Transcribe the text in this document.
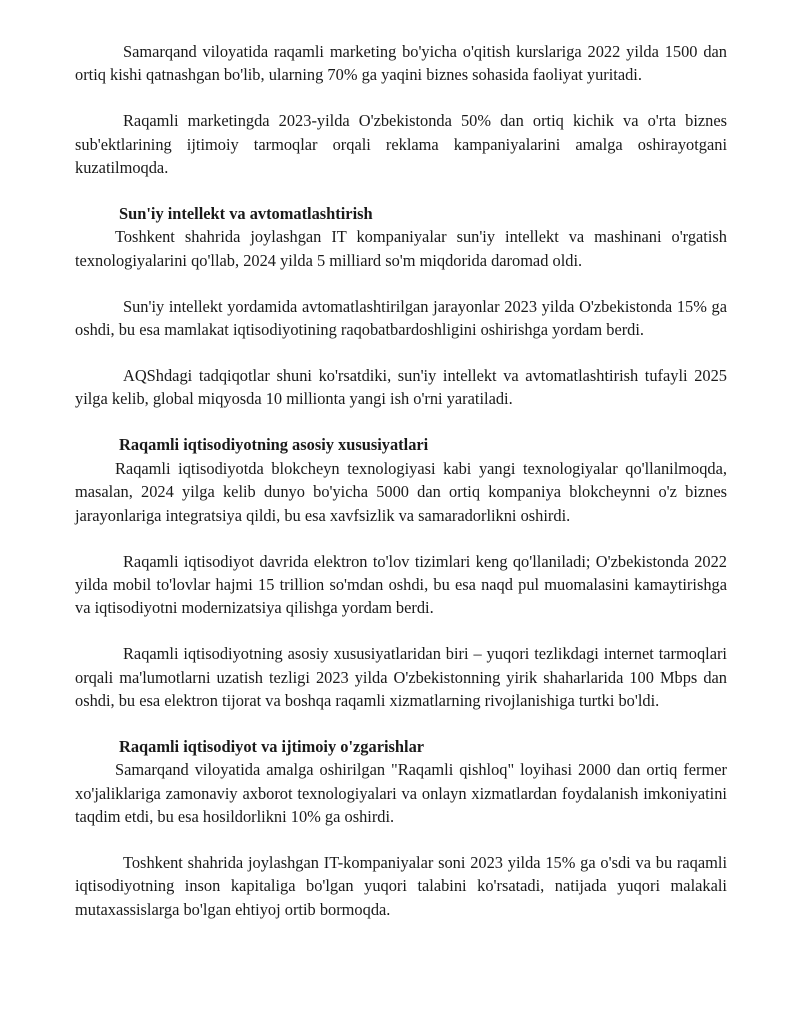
Samarqand viloyatida raqamli marketing bo'yicha o'qitish kurslariga 2022 yilda 1500 dan ortiq kishi qatnashgan bo'lib, ularning 70% ga yaqini biznes sohasida faoliyat yuritadi.

Raqamli marketingda 2023-yilda O'zbekistonda 50% dan ortiq kichik va o'rta biznes sub'ektlarining ijtimoiy tarmoqlar orqali reklama kampaniyalarini amalga oshirayotgani kuzatilmoqda.

Sun'iy intellekt va avtomatlashtirish

Toshkent shahrida joylashgan IT kompaniyalar sun'iy intellekt va mashinani o'rgatish texnologiyalarini qo'llab, 2024 yilda 5 milliard so'm miqdorida daromad oldi.

Sun'iy intellekt yordamida avtomatlashtirilgan jarayonlar 2023 yilda O'zbekistonda 15% ga oshdi, bu esa mamlakat iqtisodiyotining raqobatbardoshligini oshirishga yordam berdi.

AQShdagi tadqiqotlar shuni ko'rsatdiki, sun'iy intellekt va avtomatlashtirish tufayli 2025 yilga kelib, global miqyosda 10 millionta yangi ish o'rni yaratiladi.

Raqamli iqtisodiyotning asosiy xususiyatlari

Raqamli iqtisodiyotda blokcheyn texnologiyasi kabi yangi texnologiyalar qo'llanilmoqda, masalan, 2024 yilga kelib dunyo bo'yicha 5000 dan ortiq kompaniya blokcheynni o'z biznes jarayonlariga integratsiya qildi, bu esa xavfsizlik va samaradorlikni oshirdi.

Raqamli iqtisodiyot davrida elektron to'lov tizimlari keng qo'llaniladi; O'zbekistonda 2022 yilda mobil to'lovlar hajmi 15 trillion so'mdan oshdi, bu esa naqd pul muomalasini kamaytirishga va iqtisodiyotni modernizatsiya qilishga yordam berdi.

Raqamli iqtisodiyotning asosiy xususiyatlaridan biri – yuqori tezlikdagi internet tarmoqlari orqali ma'lumotlarni uzatish tezligi 2023 yilda O'zbekistonning yirik shaharlarida 100 Mbps dan oshdi, bu esa elektron tijorat va boshqa raqamli xizmatlarning rivojlanishiga turtki bo'ldi.

Raqamli iqtisodiyot va ijtimoiy o'zgarishlar

Samarqand viloyatida amalga oshirilgan "Raqamli qishloq" loyihasi 2000 dan ortiq fermer xo'jaliklariga zamonaviy axborot texnologiyalari va onlayn xizmatlardan foydalanish imkoniyatini taqdim etdi, bu esa hosildorlikni 10% ga oshirdi.

Toshkent shahrida joylashgan IT-kompaniyalar soni 2023 yilda 15% ga o'sdi va bu raqamli iqtisodiyotning inson kapitaliga bo'lgan yuqori talabini ko'rsatadi, natijada yuqori malakali mutaxassislarga bo'lgan ehtiyoj ortib bormoqda.
